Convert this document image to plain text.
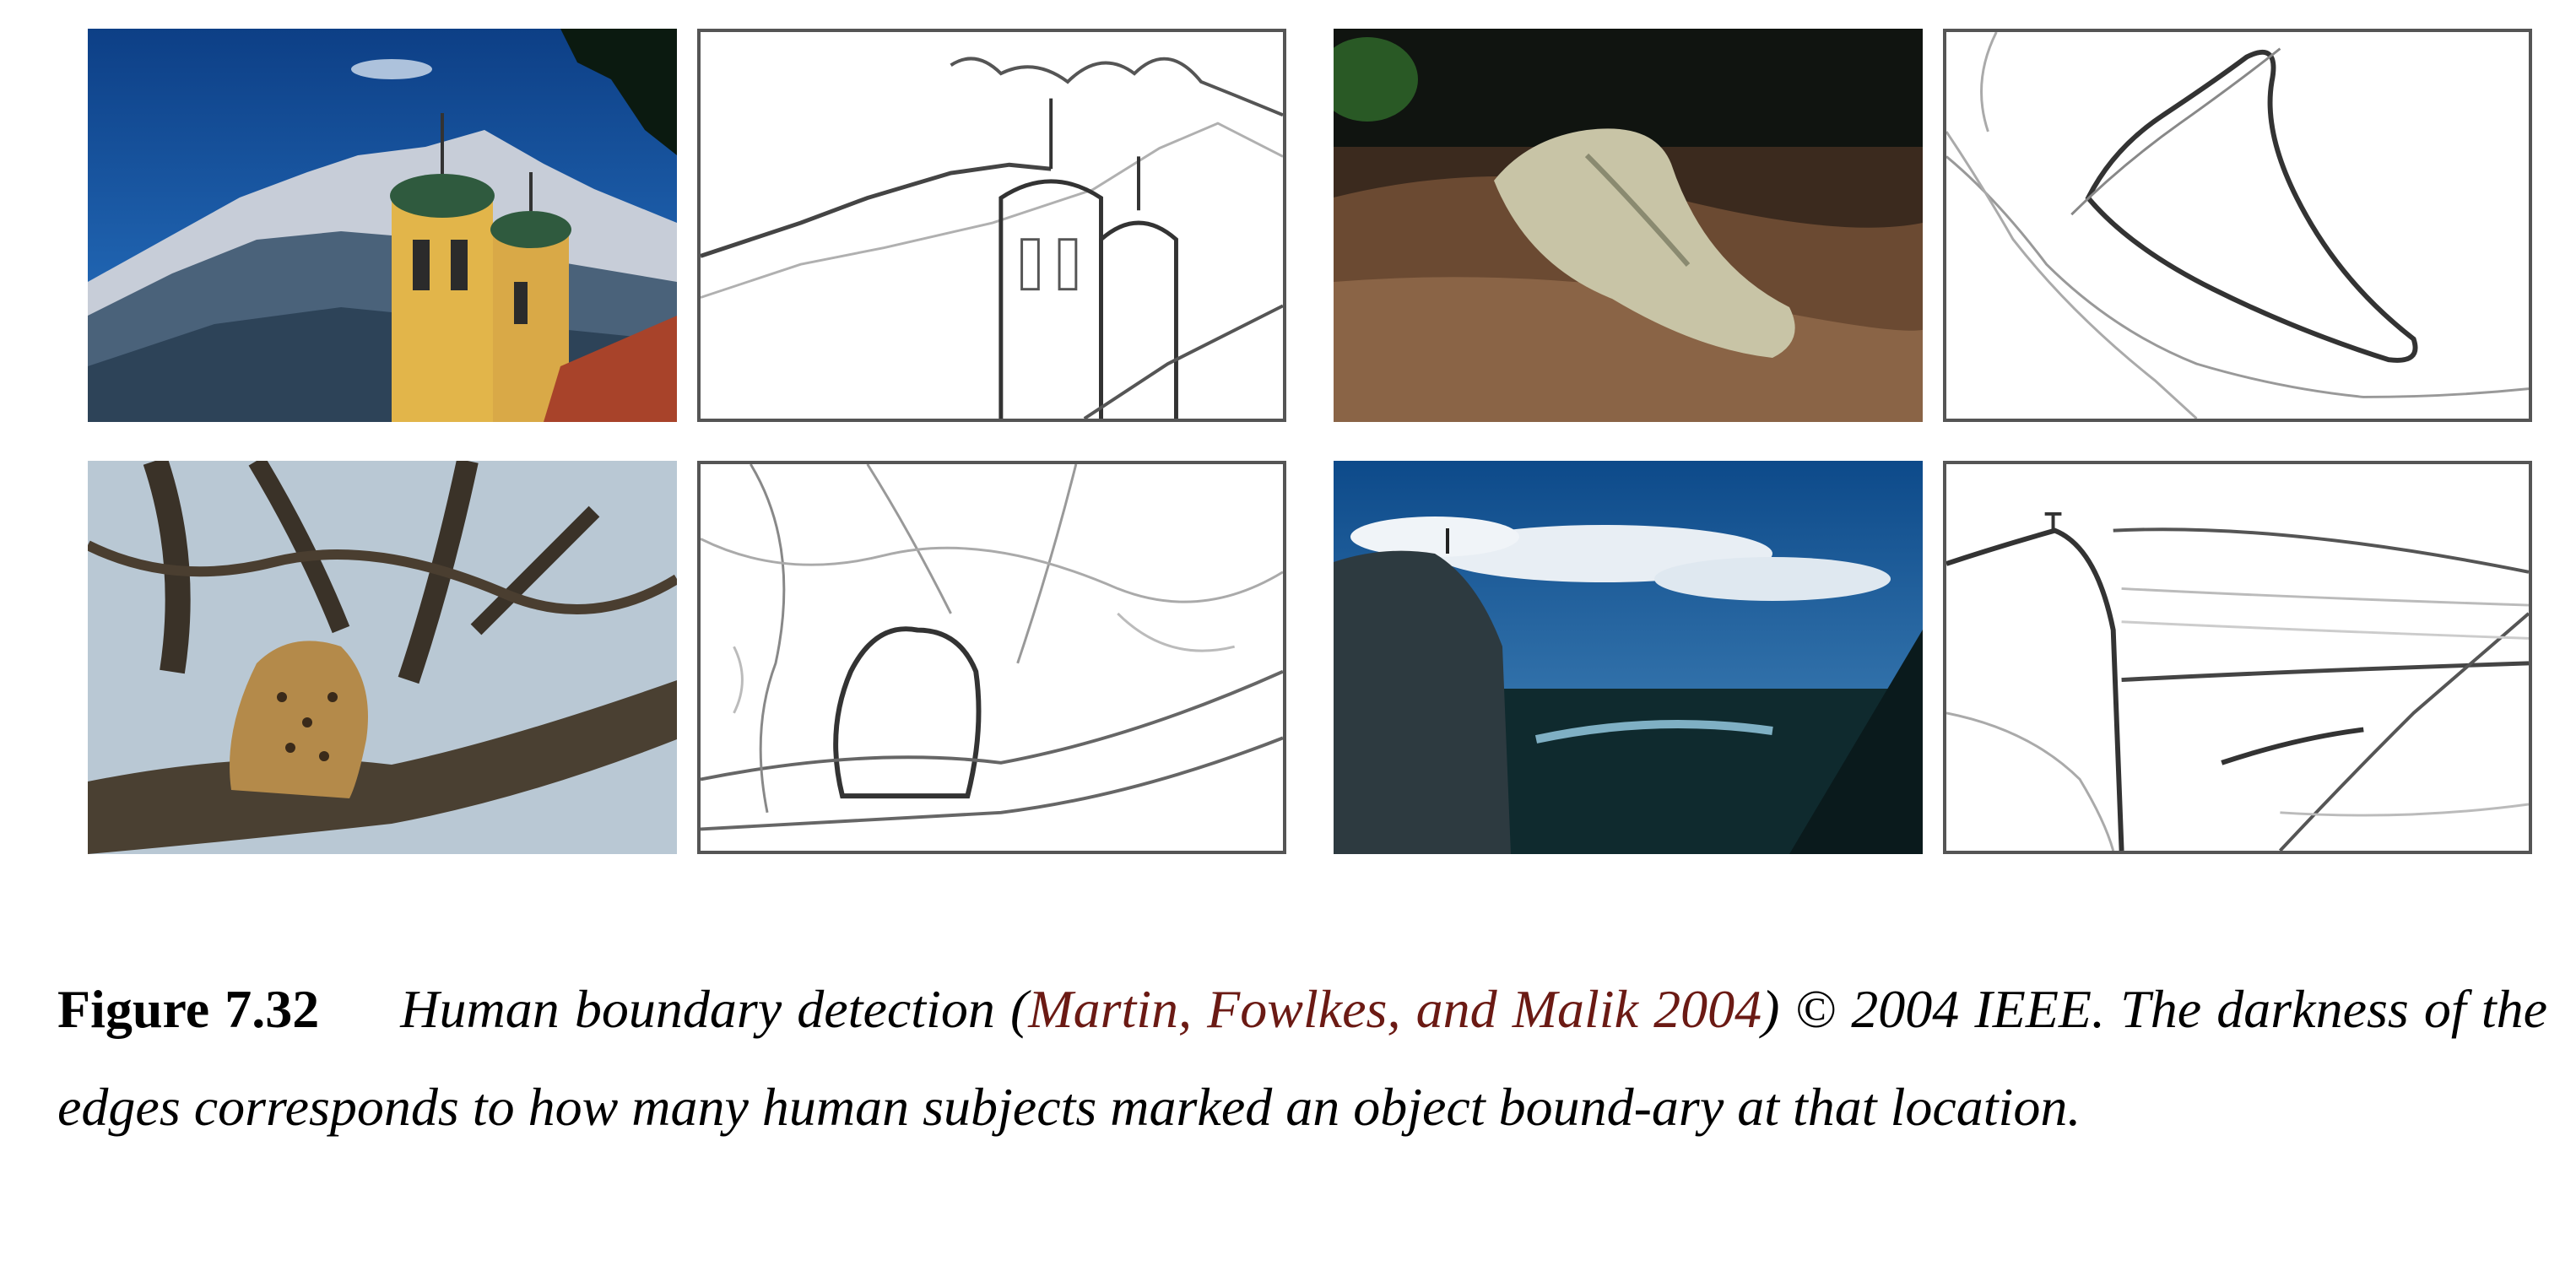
Figure 7.32 Human boundary detection (Martin, Fowlkes, and Malik 2004) © 2004 IEEE. The darkness of the edges corresponds to how many human subjects marked an object bound-ary at that location.
